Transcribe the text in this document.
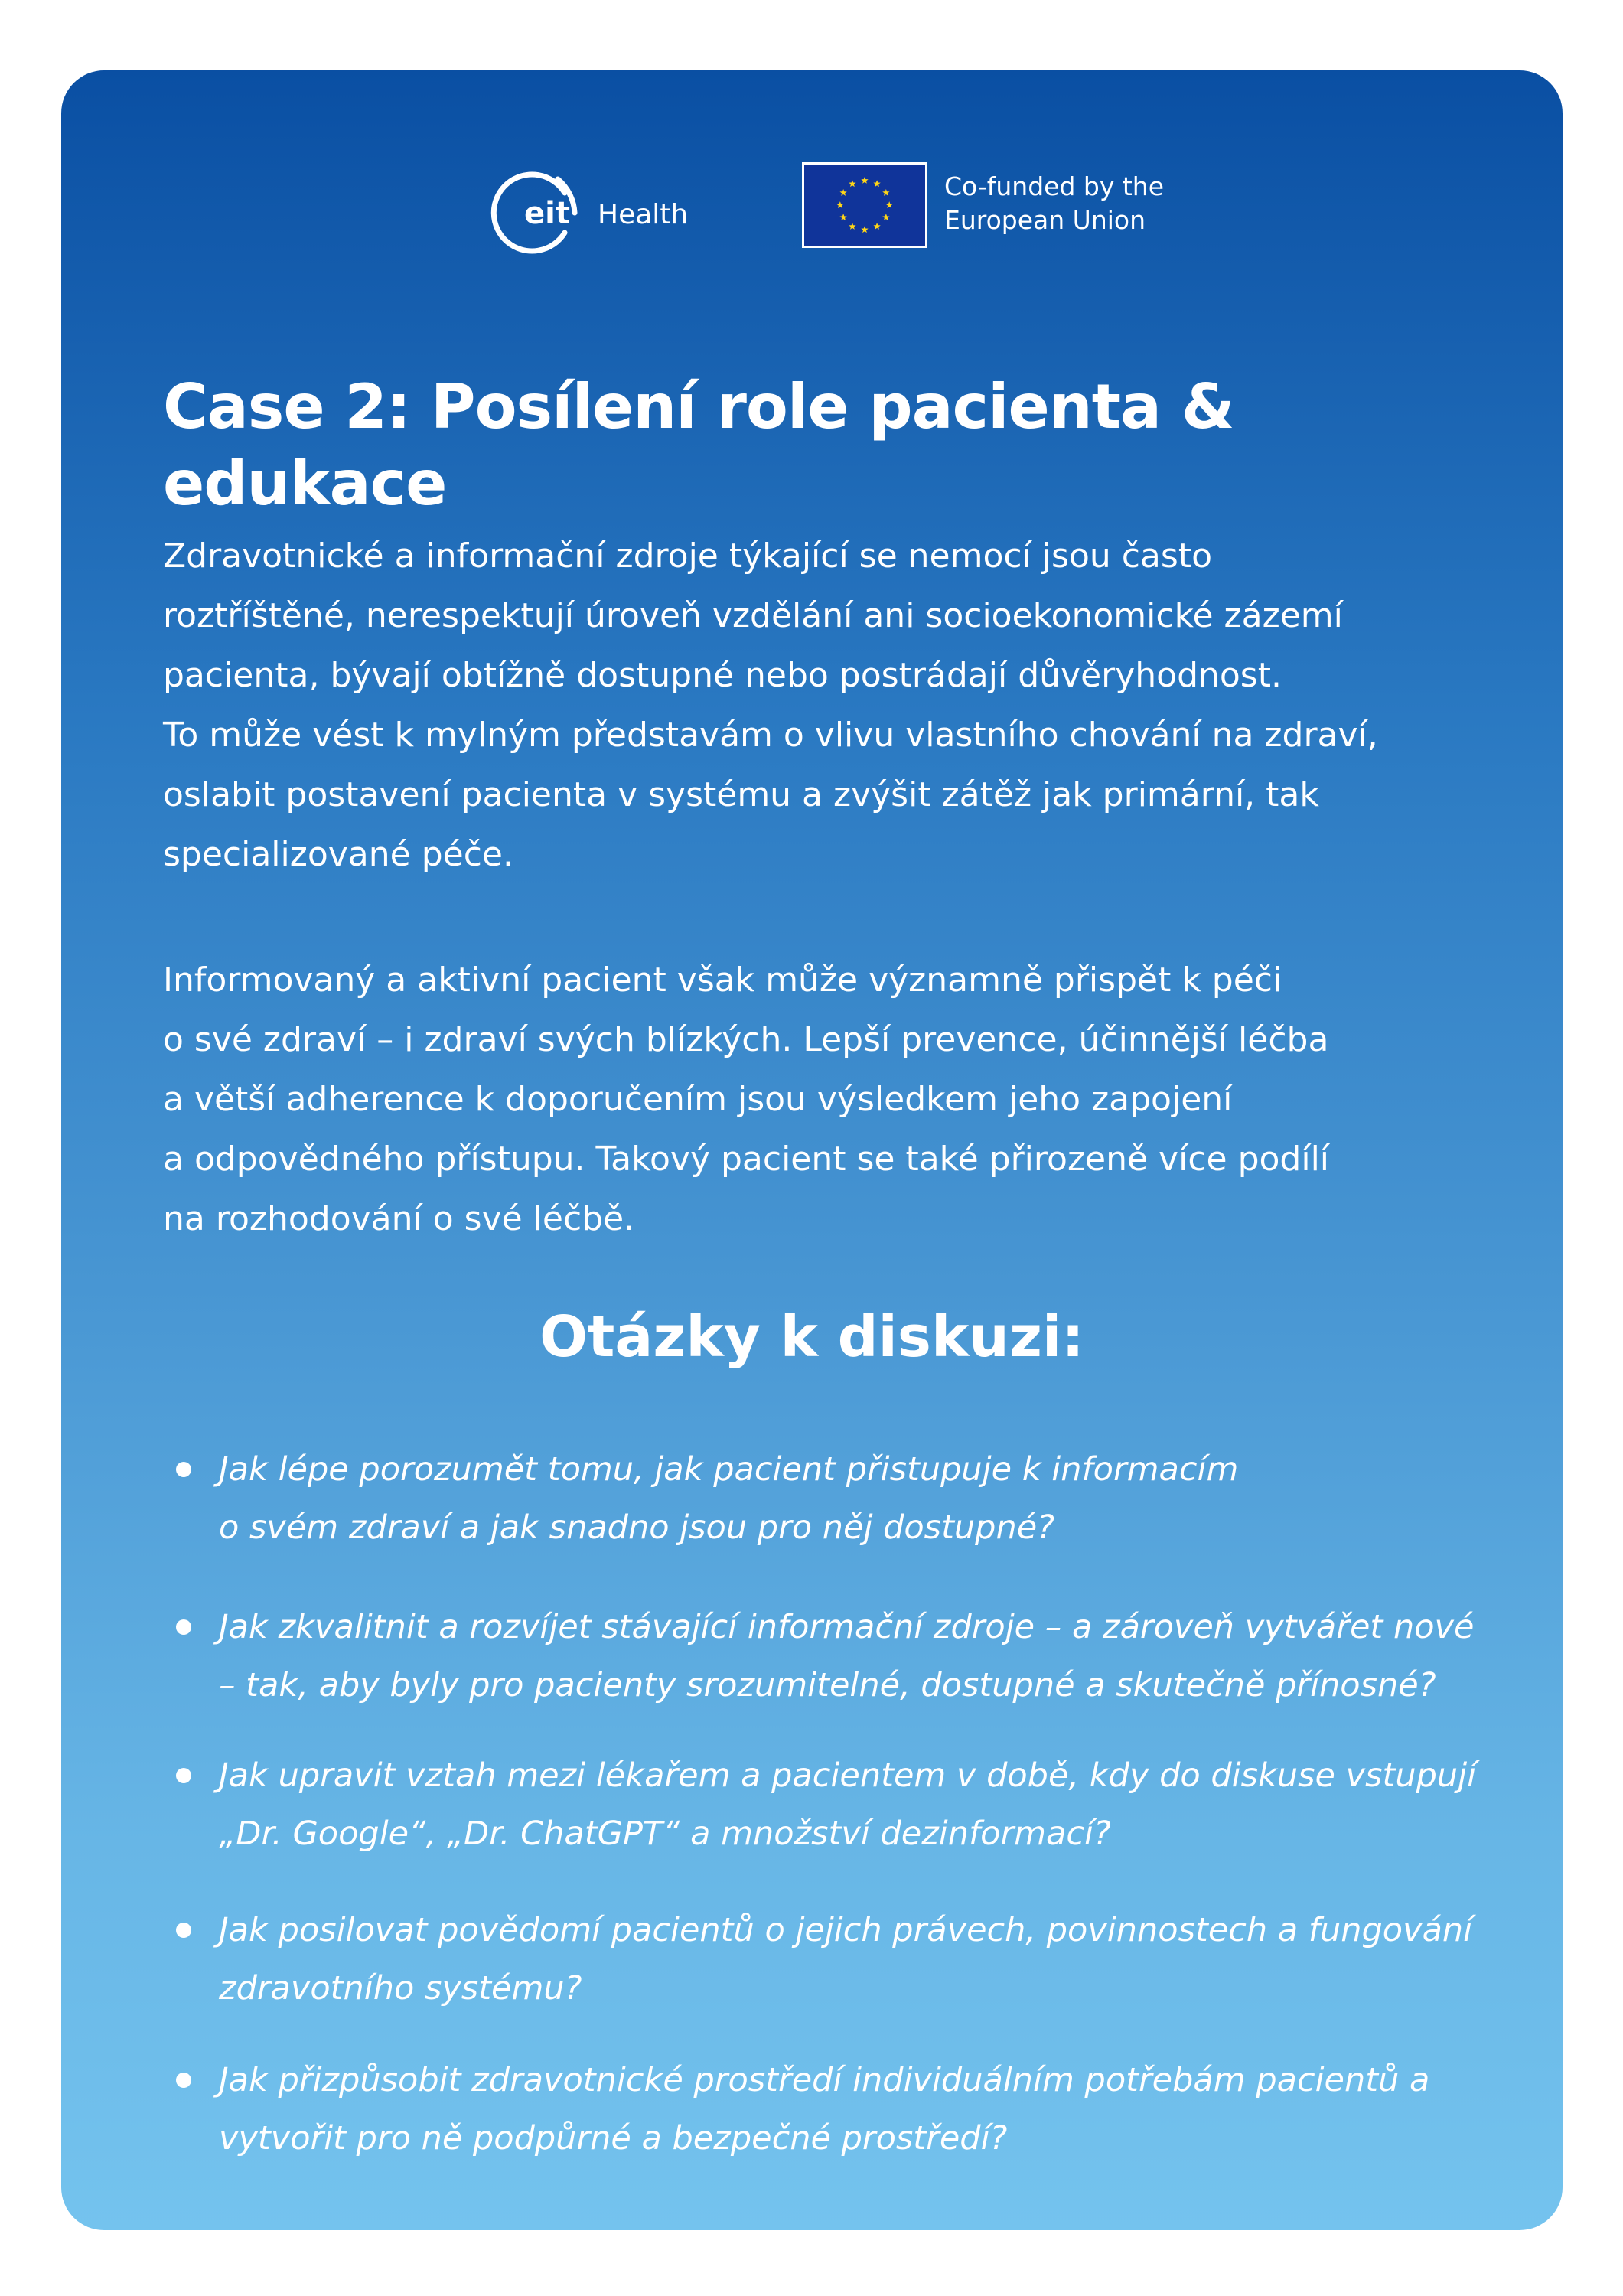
eit Health
Co-funded by the
European Union
Case 2: Posílení role pacienta & edukace

Zdravotnické a informační zdroje týkající se nemocí jsou často
roztříštěné, nerespektují úroveň vzdělání ani socioekonomické zázemí
pacienta, bývají obtížně dostupné nebo postrádají důvěryhodnost.
To může vést k mylným představám o vlivu vlastního chování na zdraví,
oslabit postavení pacienta v systému a zvýšit zátěž jak primární, tak
specializované péče.

Informovaný a aktivní pacient však může významně přispět k péči
o své zdraví – i zdraví svých blízkých. Lepší prevence, účinnější léčba
a větší adherence k doporučením jsou výsledkem jeho zapojení
a odpovědného přístupu. Takový pacient se také přirozeně více podílí
na rozhodování o své léčbě.

Otázky k diskuzi:
Jak lépe porozumět tomu, jak pacient přistupuje k informacím
o svém zdraví a jak snadno jsou pro něj dostupné?
Jak zkvalitnit a rozvíjet stávající informační zdroje – a zároveň vytvářet nové
– tak, aby byly pro pacienty srozumitelné, dostupné a skutečně přínosné?
Jak upravit vztah mezi lékařem a pacientem v době, kdy do diskuse vstupují
„Dr. Google“, „Dr. ChatGPT“ a množství dezinformací?
Jak posilovat povědomí pacientů o jejich právech, povinnostech a fungování
zdravotního systému?
Jak přizpůsobit zdravotnické prostředí individuálním potřebám pacientů a
vytvořit pro ně podpůrné a bezpečné prostředí?
